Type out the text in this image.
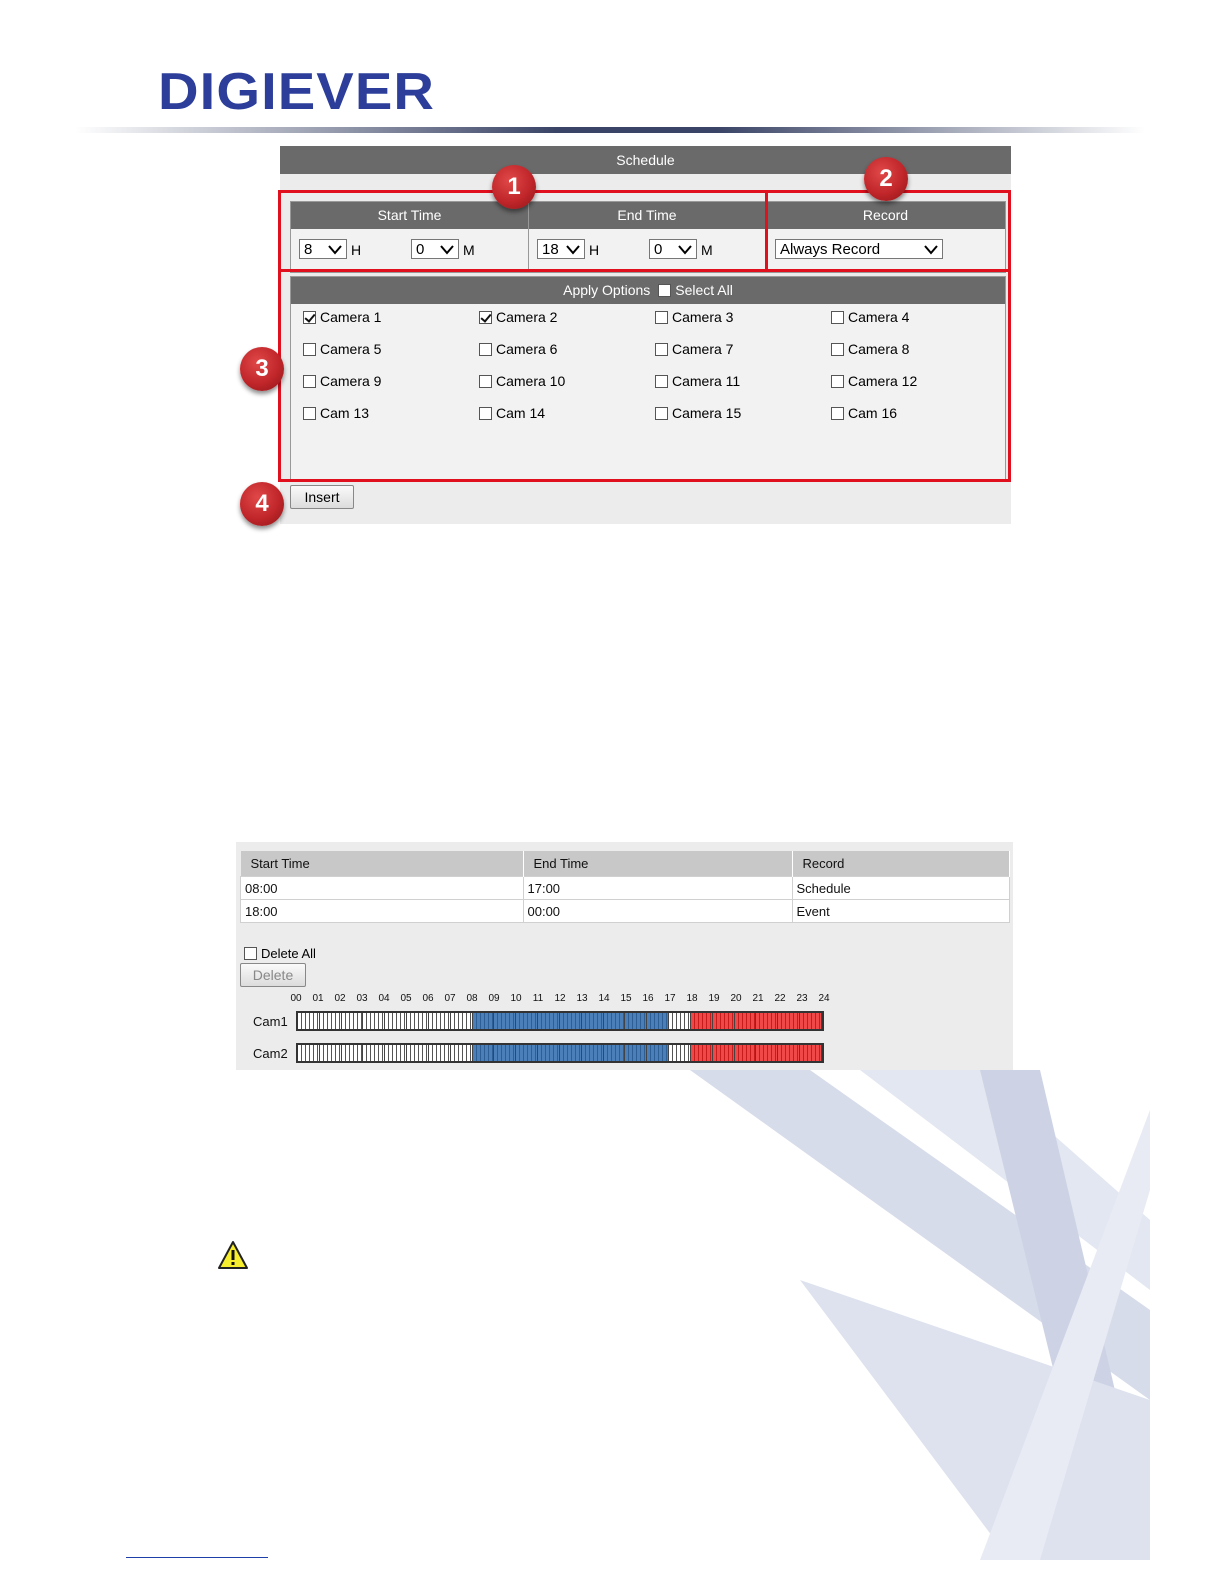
DIGIEVER
Schedule
Start Time	End Time	Record
8	H	0	M	18	H	0	M	Always Record
Apply Options Select All
Camera 1	Camera 2	Camera 3	Camera 4
Camera 5	Camera 6	Camera 7	Camera 8
Camera 9	Camera 10	Camera 11	Camera 12
Cam 13	Cam 14	Camera 15	Cam 16
Insert
1	2
3
4
Start Time	End Time	Record
08:00	17:00	Schedule
18:00	00:00	Event
Delete All
Delete
00	01	02	03	04	05	06	07	08	09	10	11	12	13	14	15	16	17	18	19	20	21	22	23	24
Cam1
Cam2
